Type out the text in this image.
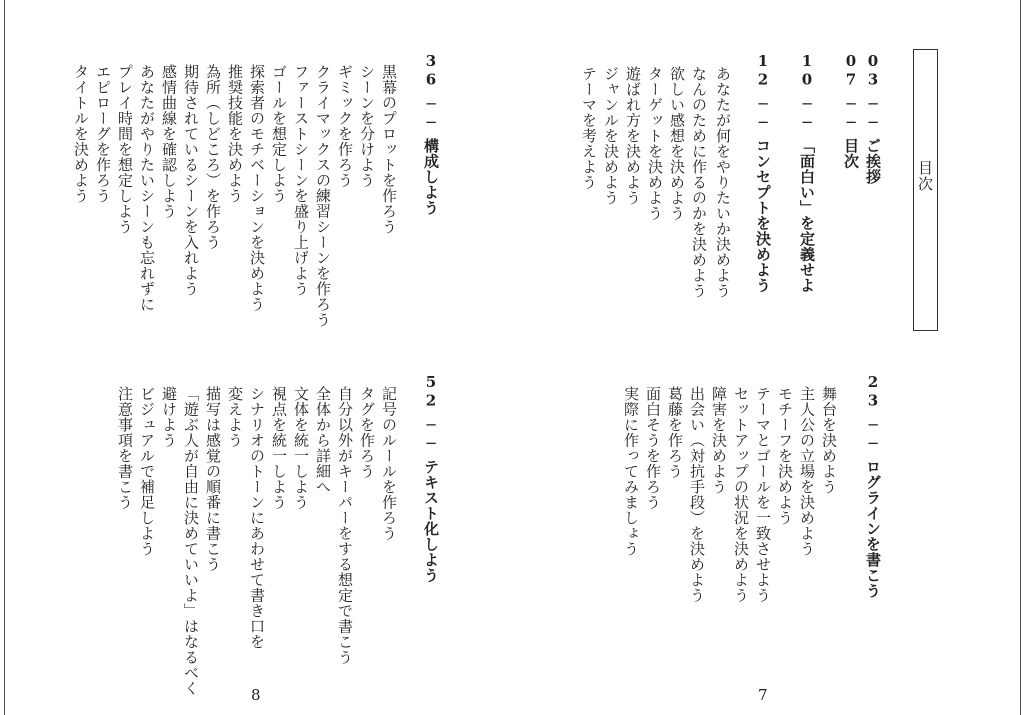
目次
03──ご挨拶
07──目次
10──「面白い」を定義せよ
12──コンセプトを決めよう
あなたが何をやりたいか決めよう
なんのために作るのかを決めよう
欲しい感想を決めよう
ターゲットを決めよう
遊ばれ方を決めよう
ジャンルを決めよう
テーマを考えよう
23──ログラインを書こう
舞台を決めよう
主人公の立場を決めよう
モチーフを決めよう
テーマとゴールを一致させよう
セットアップの状況を決めよう
障害を決めよう
出会い（対抗手段）を決めよう
葛藤を作ろう
面白そうを作ろう
実際に作ってみましょう
36──構成しよう
黒幕のプロットを作ろう
シーンを分けよう
ギミックを作ろう
クライマックスの練習シーンを作ろう
ファーストシーンを盛り上げよう
ゴールを想定しよう
探索者のモチベーションを決めよう
推奨技能を決めよう
為所（しどころ）を作ろう
期待されているシーンを入れよう
感情曲線を確認しよう
あなたがやりたいシーンも忘れずに
プレイ時間を想定しよう
エピローグを作ろう
タイトルを決めよう
52──テキスト化しよう
記号のルールを作ろう
タグを作ろう
自分以外がキーパーをする想定で書こう
全体から詳細へ
文体を統一しよう
視点を統一しよう
シナリオのトーンにあわせて書き口を
変えよう
描写は感覚の順番に書こう
「遊ぶ人が自由に決めていいよ」はなるべく
避けよう
ビジュアルで補足しよう
注意事項を書こう
7
8
